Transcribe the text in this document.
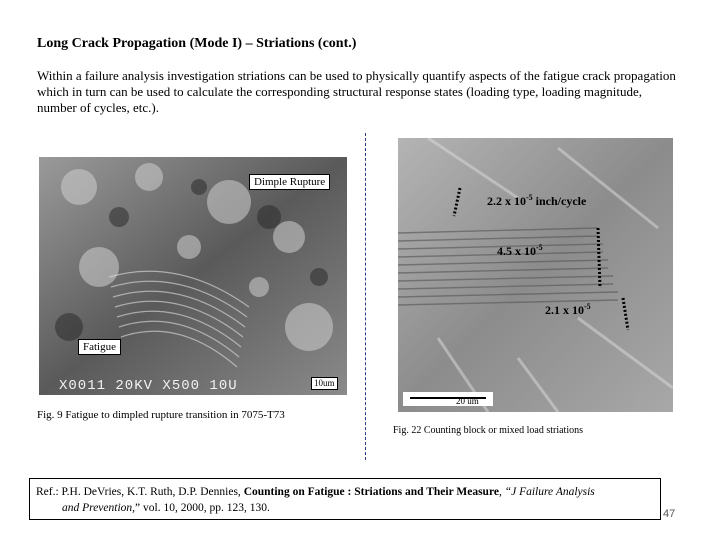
Long Crack Propagation (Mode I) – Striations (cont.)
Within a failure analysis investigation striations can be used to physically quantify aspects of the fatigue crack propagation which in turn can be used to calculate the corresponding structural response states (loading type, loading magnitude, number of cycles, etc.).
X0011 20KV X500 10U
Dimple Rupture
Fatigue
10um
Fig. 9 Fatigue to dimpled rupture transition in 7075-T73
2.2 x $10^{-5}$ inch/cycle
4.5 x $10^{-5}$
2.1 x $10^{-5}$
20 um
Fig. 22 Counting block or mixed load striations
Ref.: P.H. DeVries, K.T. Ruth, D.P. Dennies, Counting on Fatigue : Striations and Their Measure, “J Failure Analysis
and Prevention,” vol. 10, 2000, pp. 123, 130.	47
